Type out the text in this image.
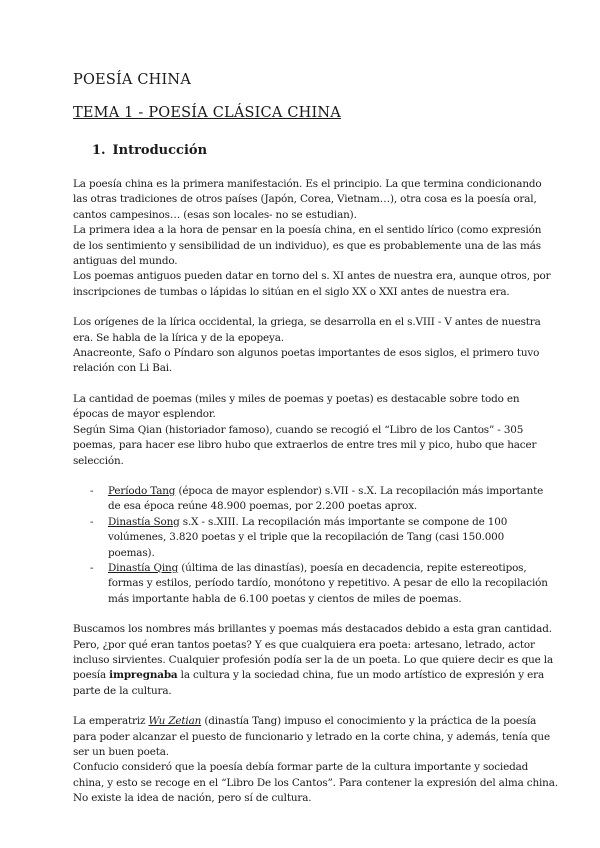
POESÍA CHINA
TEMA 1 - POESÍA CLÁSICA CHINA
1. Introducción

La poesía china es la primera manifestación. Es el principio. La que termina condicionando
las otras tradiciones de otros países (Japón, Corea, Vietnam…), otra cosa es la poesía oral,
cantos campesinos… (esas son locales- no se estudian).
La primera idea a la hora de pensar en la poesía china, en el sentido lírico (como expresión
de los sentimiento y sensibilidad de un individuo), es que es probablemente una de las más
antiguas del mundo.
Los poemas antiguos pueden datar en torno del s. XI antes de nuestra era, aunque otros, por
inscripciones de tumbas o lápidas lo sitúan en el siglo XX o XXI antes de nuestra era.

Los orígenes de la lírica occidental, la griega, se desarrolla en el s.VIII - V antes de nuestra
era. Se habla de la lírica y de la epopeya.
Anacreonte, Safo o Píndaro son algunos poetas importantes de esos siglos, el primero tuvo
relación con Li Bai.

La cantidad de poemas (miles y miles de poemas y poetas) es destacable sobre todo en
épocas de mayor esplendor.
Según Sima Qian (historiador famoso), cuando se recogió el “Libro de los Cantos” - 305
poemas, para hacer ese libro hubo que extraerlos de entre tres mil y pico, hubo que hacer
selección.

- Período Tang (época de mayor esplendor) s.VII - s.X. La recopilación más importante
de esa época reúne 48.900 poemas, por 2.200 poetas aprox.
- Dinastía Song s.X - s.XIII. La recopilación más importante se compone de 100
volúmenes, 3.820 poetas y el triple que la recopilación de Tang (casi 150.000
poemas).
- Dinastía Qing (última de las dinastías), poesía en decadencia, repite estereotipos,
formas y estilos, período tardío, monótono y repetitivo. A pesar de ello la recopilación
más importante habla de 6.100 poetas y cientos de miles de poemas.

Buscamos los nombres más brillantes y poemas más destacados debido a esta gran cantidad.
Pero, ¿por qué eran tantos poetas? Y es que cualquiera era poeta: artesano, letrado, actor
incluso sirvientes. Cualquier profesión podía ser la de un poeta. Lo que quiere decir es que la
poesía impregnaba la cultura y la sociedad china, fue un modo artístico de expresión y era
parte de la cultura.

La emperatriz Wu Zetian (dinastía Tang) impuso el conocimiento y la práctica de la poesía
para poder alcanzar el puesto de funcionario y letrado en la corte china, y además, tenía que
ser un buen poeta.
Confucio consideró que la poesía debía formar parte de la cultura importante y sociedad
china, y esto se recoge en el “Libro De los Cantos”. Para contener la expresión del alma china.
No existe la idea de nación, pero sí de cultura.
